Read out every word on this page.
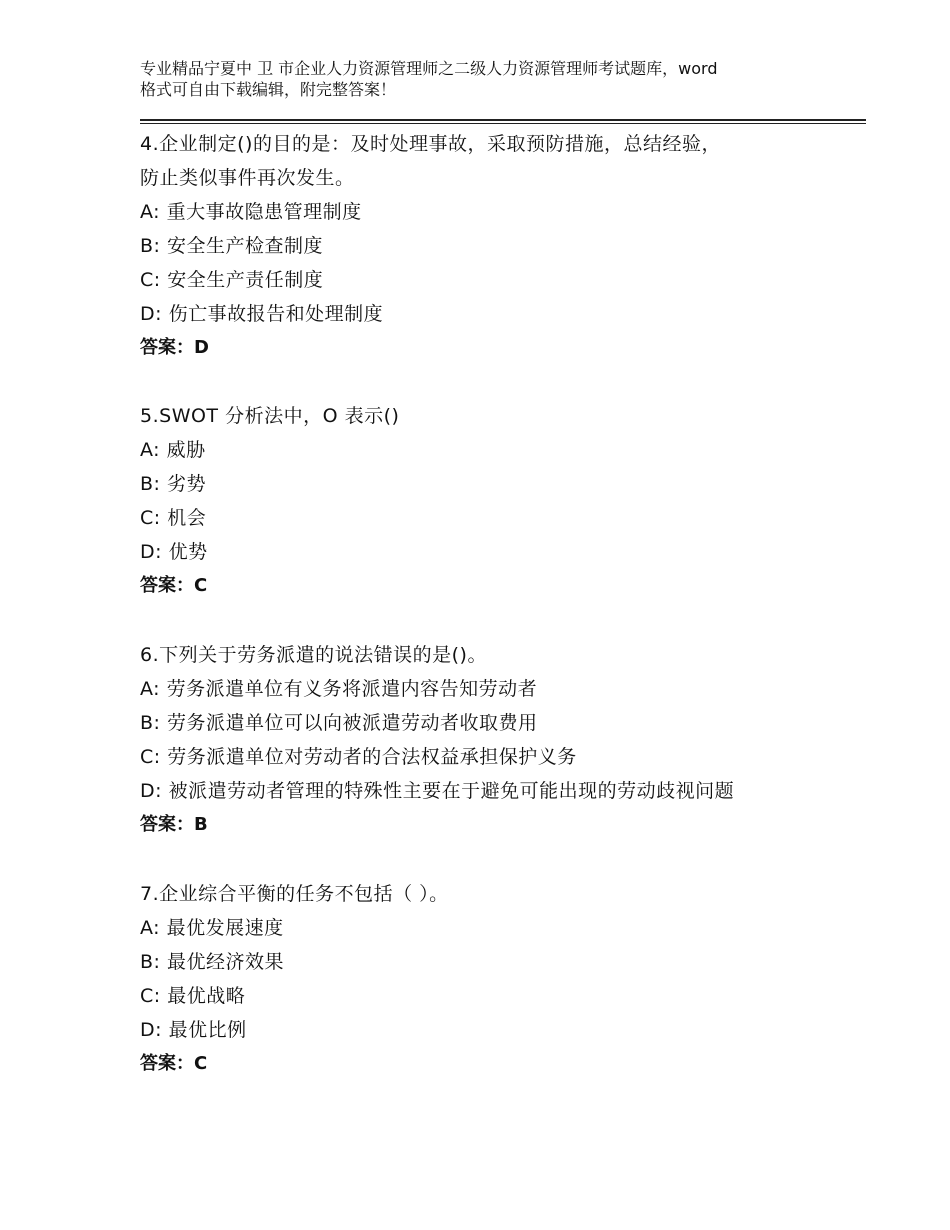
专业精品宁夏中 卫 市企业人力资源管理师之二级人力资源管理师考试题库，word
格式可自由下载编辑，附完整答案！
4.企业制定()的目的是：及时处理事故，采取预防措施，总结经验，
防止类似事件再次发生。
A: 重大事故隐患管理制度
B: 安全生产检查制度
C: 安全生产责任制度
D: 伤亡事故报告和处理制度
答案：D
5.SWOT 分析法中，O 表示()
A: 威胁
B: 劣势
C: 机会
D: 优势
答案：C
6.下列关于劳务派遣的说法错误的是()。
A: 劳务派遣单位有义务将派遣内容告知劳动者
B: 劳务派遣单位可以向被派遣劳动者收取费用
C: 劳务派遣单位对劳动者的合法权益承担保护义务
D: 被派遣劳动者管理的特殊性主要在于避免可能出现的劳动歧视问题
答案：B
7.企业综合平衡的任务不包括（ ）。
A: 最优发展速度
B: 最优经济效果
C: 最优战略
D: 最优比例
答案：C
